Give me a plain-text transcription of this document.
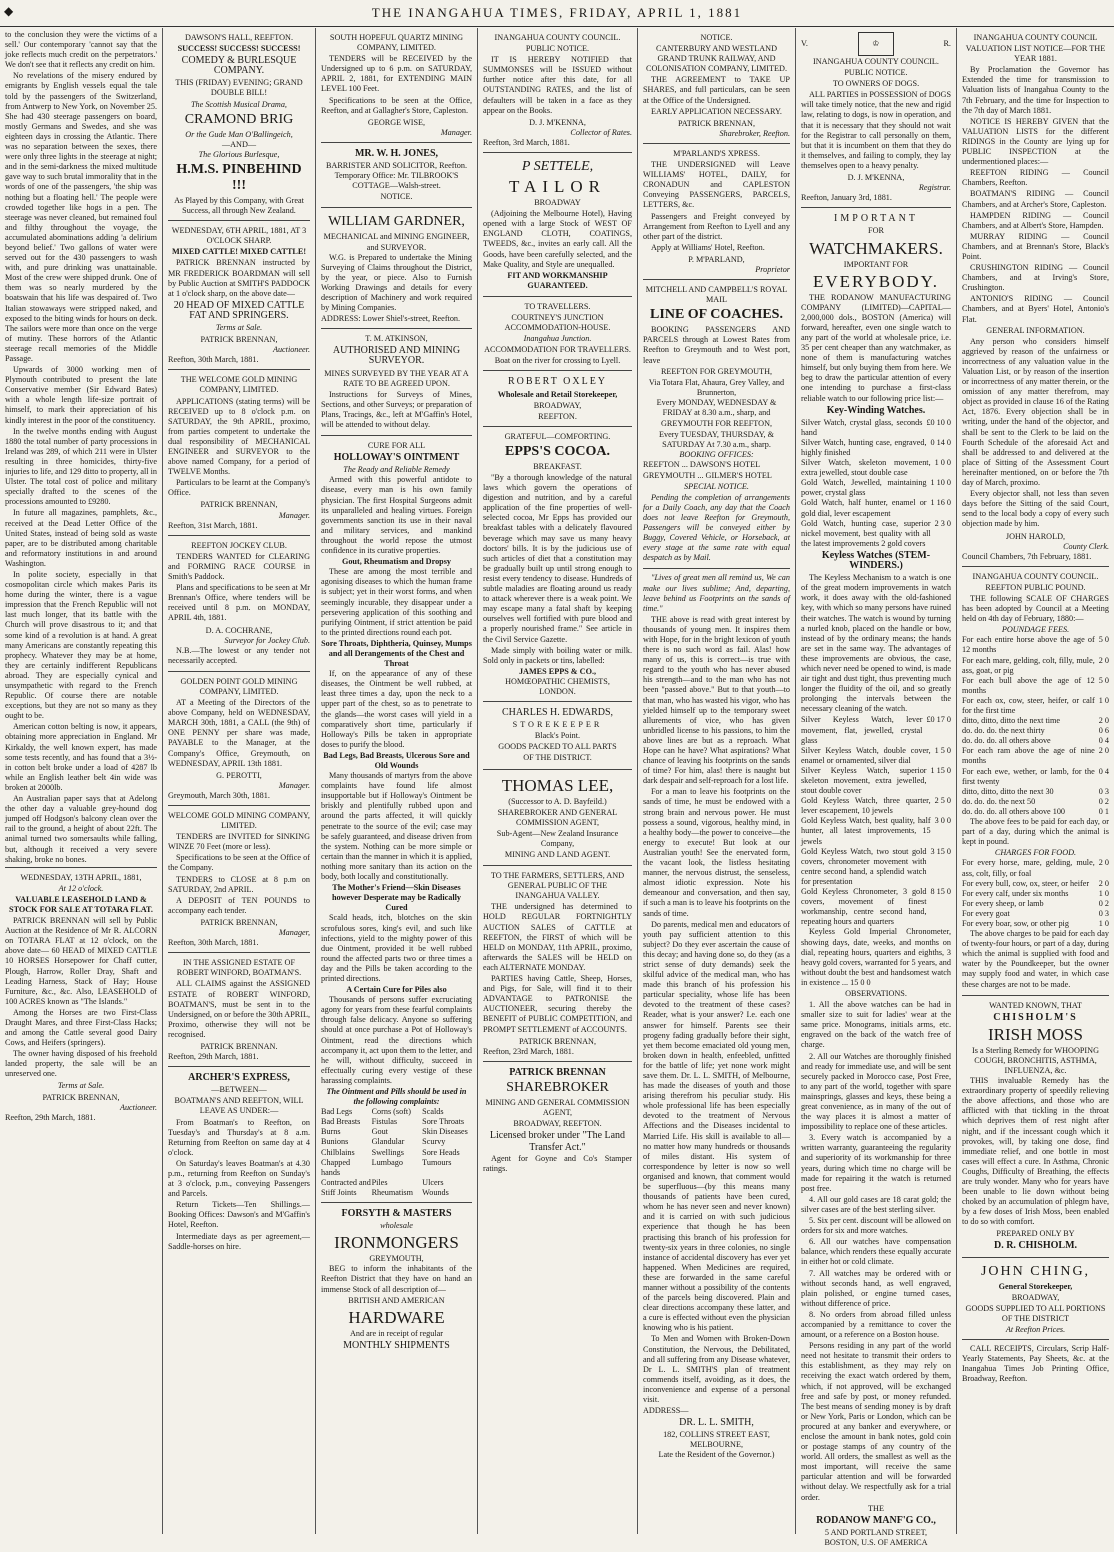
◆	THE INANGAHUA TIMES, FRIDAY, APRIL 1, 1881

to the conclusion they were the victims of a sell.' Our contemporary 'cannot say that the joke reflects much credit on the perpetrators.' We don't see that it reflects any credit on him.

No revelations of the misery endured by emigrants by English vessels equal the tale told by the passengers of the Switzerland, from Antwerp to New York, on November 25. She had 430 steerage passengers on board, mostly Germans and Swedes, and she was eighteen days in crossing the Atlantic. There was no separation between the sexes, there were only three lights in the steerage at night; and in the semi-darkness the mixed multitude gave way to such brutal immorality that in the words of one of the passengers, 'the ship was nothing but a floating hell.' The people were crowded together like hogs in a pen. The steerage was never cleaned, but remained foul and filthy throughout the voyage, the accumulated abominations adding 'a delirium beyond belief.' Two gallons of water were served out for the 430 passengers to wash with, and pure drinking was unattainable. Most of the crew were shipped drunk. One of them was so nearly murdered by the boatswain that his life was despaired of. Two Italian stowaways were stripped naked, and exposed to the biting winds for hours on deck. The sailors were more than once on the verge of mutiny. These horrors of the Atlantic steerage recall memories of the Middle Passage.

Upwards of 3000 working men of Plymouth contributed to present the late Conservative member (Sir Edward Bates) with a whole length life-size portrait of himself, to mark their appreciation of his kindly interest in the poor of the constituency.

In the twelve months ending with August 1880 the total number of party processions in Ireland was 289, of which 211 were in Ulster resulting in three homicides, thirty-five injuries to life, and 129 ditto to property, all in Ulster. The total cost of police and military specially drafted to the scenes of the processions amounted to £9280.

In future all magazines, pamphlets, &c., received at the Dead Letter Office of the United States, instead of being sold as waste paper, are to be distributed among charitable and reformatory institutions in and around Washington.

In polite society, especially in that cosmopolitan circle which makes Paris its home during the winter, there is a vague impression that the French Republic will not last much longer, that its battle with the Church will prove disastrous to it; and that some kind of a revolution is at hand. A great many Americans are constantly repeating this prophecy. Whatever they may be at home, they are certainly indifferent Republicans abroad. They are especially cynical and unsympathetic with regard to the French Republic. Of course there are notable exceptions, but they are not so many as they ought to be.

American cotton belting is now, it appears, obtaining more appreciation in England. Mr Kirkaldy, the well known expert, has made some tests recently, and has found that a 3½-in cotton belt broke under a load of 4287 lb while an English leather belt 4in wide was broken at 2000lb.

An Australian paper says that at Adelong the other day a valuable grey-hound dog jumped off Hodgson's balcony clean over the rail to the ground, a height of about 22ft. The animal turned two somersaults while falling, but, although it received a very severe shaking, broke no bones.

WEDNESDAY, 13TH APRIL, 1881,
At 12 o'clock.
VALUABLE LEASEHOLD LAND & STOCK FOR SALE AT TOTARA FLAT.

PATRICK BRENNAN will sell by Public Auction at the Residence of Mr R. ALCORN on TOTARA FLAT at 12 o'clock, on the above date— 60 HEAD of MIXED CATTLE 10 HORSES Horsepower for Chaff cutter, Plough, Harrow, Roller Dray, Shaft and Leading Harness, Stack of Hay; House Furniture, &c., &c. Also, LEASEHOLD of 100 ACRES known as "The Islands."

Among the Horses are two First-Class Draught Mares, and three First-Class Hacks; and among the Cattle several good Dairy Cows, and Heifers (springers).

The owner having disposed of his freehold landed property, the sale will be an unreserved one.

Terms at Sale.
PATRICK BRENNAN,
Auctioneer.
Reefton, 29th March, 1881.
DAWSON'S HALL, REEFTON.
SUCCESS! SUCCESS! SUCCESS!
COMEDY & BURLESQUE COMPANY.
THIS (FRIDAY) EVENING; GRAND DOUBLE BILL!
The Scottish Musical Drama,
CRAMOND BRIG
Or the Gude Man O'Ballingeich,
—AND—
The Glorious Burlesque,
H.M.S. PINBEHIND !!!
As Played by this Company, with Great Success, all through New Zealand.
WEDNESDAY, 6TH APRIL, 1881, AT 3 O'CLOCK SHARP.
MIXED CATTLE! MIXED CATTLE!

PATRICK BRENNAN instructed by MR FREDERICK BOARDMAN will sell by Public Auction at SMITH'S PADDOCK at 1 o'clock sharp, on the above date—

20 HEAD OF MIXED CATTLE FAT AND SPRINGERS.
Terms at Sale.
PATRICK BRENNAN,
Auctioneer.
Reefton, 30th March, 1881.
THE WELCOME GOLD MINING COMPANY, LIMITED.

APPLICATIONS (stating terms) will be RECEIVED up to 8 o'clock p.m. on SATURDAY, the 9th APRIL, proximo, from parties competent to undertake the dual responsibility of MECHANICAL ENGINEER and SURVEYOR to the above named Company, for a period of TWELVE Months.

Particulars to be learnt at the Company's Office.

PATRICK BRENNAN,
Manager.
Reefton, 31st March, 1881.
REEFTON JOCKEY CLUB.

TENDERS WANTED for CLEARING and FORMING RACE COURSE in Smith's Paddock.

Plans and specifications to be seen at Mr Brennan's Office, where tenders will be received until 8 p.m. on MONDAY, APRIL 4th, 1881.

D. A. COCHRANE,
Surveyor for Jockey Club.

N.B.—The lowest or any tender not necessarily accepted.

GOLDEN POINT GOLD MINING COMPANY, LIMITED.

AT a Meeting of the Directors of the above Company, held on WEDNESDAY, MARCH 30th, 1881, a CALL (the 9th) of ONE PENNY per share was made, PAYABLE to the Manager, at the Company's Office, Greymouth, on WEDNESDAY, APRIL 13th 1881.

G. PEROTTI,
Manager.
Greymouth, March 30th, 1881.
WELCOME GOLD MINING COMPANY, LIMITED.

TENDERS are INVITED for SINKING WINZE 70 Feet (more or less).

Specifications to be seen at the Office of the Company.

TENDERS to CLOSE at 8 p.m on SATURDAY, 2nd APRIL.

A DEPOSIT of TEN POUNDS to accompany each tender.

PATRICK BRENNAN,
Manager,
Reefton, 30th March, 1881.
IN THE ASSIGNED ESTATE OF ROBERT WINFORD, BOATMAN'S.

ALL CLAIMS against the ASSIGNED ESTATE of ROBERT WINFORD, BOATMAN'S, must be sent in to the Undersigned, on or before the 30th APRIL, Proximo, otherwise they will not be recognised.

PATRICK BRENNAN.
Reefton, 29th March, 1881.
ARCHER'S EXPRESS,
—BETWEEN—
BOATMAN'S AND REEFTON, WILL LEAVE AS UNDER:—

From Boatman's to Reefton, on Tuesday's and Thursday's at 8 a.m. Returning from Reefton on same day at 4 o'clock.

On Saturday's leaves Boatman's at 4.30 p.m., returning from Reefton on Sunday's at 3 o'clock, p.m., conveying Passengers and Parcels.

Return Tickets—Ten Shillings.—Booking Offices: Dawson's and M'Gaffin's Hotel, Reefton.

Intermediate days as per agreement,—Saddle-horses on hire.

SOUTH HOPEFUL QUARTZ MINING COMPANY, LIMITED.

TENDERS will be RECEIVED by the Undersigned up to 6 p.m. on SATURDAY, APRIL 2, 1881, for EXTENDING MAIN LEVEL 100 Feet.

Specifications to be seen at the Office, Reefton, and at Gallagher's Store, Capleston.

GEORGE WISE,
Manager.
MR. W. H. JONES,
BARRISTER AND SOLICITOR, Reefton.
Temporary Office: Mr. TILBROOK'S COTTAGE—Walsh-street.
NOTICE.
WILLIAM GARDNER,
MECHANICAL and MINING ENGINEER, and SURVEYOR.

W.G. is Prepared to undertake the Mining Surveying of Claims throughout the District, by the year, or piece. Also to Furnish Working Drawings and details for every description of Machinery and work required by Mining Companies.

ADDRESS: Lower Shiel's-street, Reefton.
T. M. ATKINSON,
AUTHORISED AND MINING SURVEYOR.
MINES SURVEYED BY THE YEAR AT A RATE TO BE AGREED UPON.

Instructions for Surveys of Mines, Sections, and other Surveys; or preparation of Plans, Tracings, &c., left at M'Gaffin's Hotel, will be attended to without delay.

CURE FOR ALL
HOLLOWAY'S OINTMENT
The Ready and Reliable Remedy

Armed with this powerful antidote to disease, every man is his own family physician. The first Hospital Surgeons admit its unparalleled and healing virtues. Foreign governments sanction its use in their naval and military services, and mankind throughout the world repose the utmost confidence in its curative properties.

Gout, Rheumatism and Dropsy

These are among the most terrible and agonising diseases to which the human frame is subject; yet in their worst forms, and when seemingly incurable, they disappear under a persevering application of this soothing and purifying Ointment, if strict attention be paid to the printed directions round each pot.

Sore Throats, Diphtheria, Quinsey, Mumps and all Derangements of the Chest and Throat

If, on the appearance of any of these diseases, the Ointment be well rubbed, at least three times a day, upon the neck to a upper part of the chest, so as to penetrate to the glands—the worst cases will yield in a comparatively short time, particularly if Holloway's Pills be taken in appropriate doses to purify the blood.

Bad Legs, Bad Breasts, Ulcerous Sore and Old Wounds

Many thousands of martyrs from the above complaints have found life almost insupportable but if Holloway's Ointment be briskly and plentifully rubbed upon and around the parts affected, it will quickly penetrate to the source of the evil; case may be safely guaranteed, and disease driven from the system. Nothing can be more simple or certain than the manner in which it is applied, nothing more sanitary than its action on the body, both locally and constitutionally.

The Mother's Friend—Skin Diseases however Desperate may be Radically Cured

Scald heads, itch, blotches on the skin scrofulous sores, king's evil, and such like infections, yield to the mighty power of this due Ointment, provided it be well rubbed round the affected parts two or three times a day and the Pills be taken according to the printed directions.

A Certain Cure for Piles also

Thousands of persons suffer excruciating agony for years from these fearful complaints through false delicacy. Anyone so suffering should at once purchase a Pot of Holloway's Ointment, read the directions which accompany it, act upon them to the letter, and he will, without difficulty, succeed in effectually curing every vestige of these harassing complaints.

The Ointment and Pills should be used in the following complaints:
Bad Legs	Corns (soft)	Scalds
Bad Breasts	Fistulas	Sore Throats
Burns	Gout	Skin Diseases
Bunions	Glandular	Scurvy
Chilblains	Swellings	Sore Heads
Chapped hands
Lumbago	Tumours
Contracted and Piles	Ulcers
Stiff Joints	Rheumatism	Wounds
FORSYTH & MASTERS
wholesale
IRONMONGERS
GREYMOUTH,

BEG to inform the inhabitants of the Reefton District that they have on hand an immense Stock of all description of—

BRITISH AND AMERICAN
HARDWARE
And are in receipt of regular
MONTHLY SHIPMENTS
INANGAHUA COUNTY COUNCIL.
PUBLIC NOTICE.

IT IS HEREBY NOTIFIED that SUMMONSES will be ISSUED without further notice after this date, for all OUTSTANDING RATES, and the list of defaulters will be taken in a face as they appear on the Books.

D. J. M'KENNA,
Collector of Rates.
Reefton, 3rd March, 1881.
P SETTELE,
TAILOR
BROADWAY

(Adjoining the Melbourne Hotel), Having opened with a large Stock of WEST OF ENGLAND CLOTH, COATINGS, TWEEDS, &c., invites an early call. All the Goods, have been carefully selected, and the Make Quality, and Style are unequalled.

FIT AND WORKMANSHIP GUARANTEED.
TO TRAVELLERS.
COURTNEY'S JUNCTION ACCOMMODATION-HOUSE.
Inangahua Junction.
ACCOMMODATION FOR TRAVELLERS.
Boat on the river for crossing to Lyell.
ROBERT OXLEY
Wholesale and Retail Storekeeper,
BROADWAY,
REEFTON.
GRATEFUL—COMFORTING.
EPPS'S COCOA.
BREAKFAST.

"By a thorough knowledge of the natural laws which govern the operations of digestion and nutrition, and by a careful application of the fine properties of well-selected cocoa, Mr Epps has provided our breakfast tables with a delicately flavoured beverage which may save us many heavy doctors' bills. It is by the judicious use of such articles of diet that a constitution may be gradually built up until strong enough to resist every tendency to disease. Hundreds of subtle maladies are floating around us ready to attack wherever there is a weak point. We may escape many a fatal shaft by keeping ourselves well fortified with pure blood and a properly nourished frame." See article in the Civil Service Gazette.

Made simply with boiling water or milk. Sold only in packets or tins, labelled:

JAMES EPPS & CO.,
HOMŒOPATHIC CHEMISTS,
LONDON.
CHARLES H. EDWARDS,
STOREKEEPER
Black's Point.
GOODS PACKED TO ALL PARTS
OF THE DISTRICT.
THOMAS LEE,
(Successor to A. D. Bayfeild.)
SHAREBROKER AND GENERAL COMMISSION AGENT,
Sub-Agent—New Zealand Insurance Company,
MINING AND LAND AGENT.
TO THE FARMERS, SETTLERS, AND GENERAL PUBLIC OF THE INANGAHUA VALLEY.

THE undersigned has determined to HOLD REGULAR FORTNIGHTLY AUCTION SALES of CATTLE at REEFTON, the FIRST of which will be HELD on MONDAY, 11th APRIL, proximo, afterwards the SALES will be HELD on each ALTERNATE MONDAY.

PARTIES having Cattle, Sheep, Horses, and Pigs, for Sale, will find it to their ADVANTAGE to PATRONISE the AUCTIONEER, securing thereby the BENEFIT of PUBLIC COMPETITION, and PROMPT SETTLEMENT of ACCOUNTS.

PATRICK BRENNAN,
Reefton, 23rd March, 1881.
PATRICK BRENNAN
SHAREBROKER
MINING AND GENERAL COMMISSION AGENT,
BROADWAY, REEFTON.
Licensed broker under "The Land Transfer Act."

Agent for Goyne and Co's Stamper ratings.

NOTICE.
CANTERBURY AND WESTLAND GRAND TRUNK RAILWAY, AND COLONISATION COMPANY, LIMITED.

THE AGREEMENT to TAKE UP SHARES, and full particulars, can be seen at the Office of the Undersigned.

EARLY APPLICATION NECESSARY.
PATRICK BRENNAN,
Sharebroker, Reefton.
M'PARLAND'S XPRESS.

THE UNDERSIGNED will Leave WILLIAMS' HOTEL, DAILY, for CRONADUN and CAPLESTON Conveying PASSENGERS, PARCELS, LETTERS, &c.

Passengers and Freight conveyed by Arrangement from Reefton to Lyell and any other part of the district.

Apply at Williams' Hotel, Reefton.

P. M'PARLAND,
Proprietor
MITCHELL AND CAMPBELL'S ROYAL MAIL
LINE OF COACHES.

BOOKING PASSENGERS AND PARCELS through at Lowest Rates from Reefton to Greymouth and to West port, leave

REEFTON FOR GREYMOUTH,
Via Totara Flat, Ahaura, Grey Valley, and Brunnerton,
Every MONDAY, WEDNESDAY & FRIDAY at 8.30 a.m., sharp, and
GREYMOUTH FOR REEFTON,
Every TUESDAY, THURSDAY, & SATURDAY At 7.30 a.m., sharp.
BOOKING OFFICES:
REEFTON ... DAWSON'S HOTEL
GREYMOUTH ... GILMER'S HOTEL
SPECIAL NOTICE.

Pending the completion of arrangements for a Daily Coach, any day that the Coach does not leave Reefton for Greymouth, Passengers will be conveyed either by Buggy, Covered Vehicle, or Horseback, at every stage at the same rate with equal despatch as by Mail.

"Lives of great men all remind us, We can make our lives sublime; And, departing, leave behind us Footprints on the sands of time."

THE above is read with great interest by thousands of young men. It inspires them with Hope, for in the bright lexicon of youth there is no such word as fail. Alas! how many of us, this is correct—is true with regard to the youth who has never abused his strength—and to the man who has not been "passed above." But to that youth—to that man, who has wasted his vigor, who has yielded himself up to the temporary sweet allurements of vice, who has given unbridled license to his passions, to him the above lines are but as a reproach. What Hope can he have? What aspirations? What chance of leaving his footprints on the sands of time? For him, alas! there is naught but dark despair and self-reproach for a lost life.

For a man to leave his footprints on the sands of time, he must be endowed with a strong brain and nervous power. He must possess a sound, vigorous, healthy mind, in a healthy body—the power to conceive—the energy to execute! But look at our Australian youth! See the enervated form, the vacant look, the listless hesitating manner, the nervous distrust, the senseless, almost idiotic expression. Note his demeanour and conversation, and then say, if such a man is to leave his footprints on the sands of time.

Do parents, medical men and educators of youth pay sufficient attention to this subject? Do they ever ascertain the cause of this decay; and having done so, do they (as a strict sense of duty demands) seek the skilful advice of the medical man, who has made this branch of his profession his particular speciality, whose life has been devoted to the treatment of these cases? Reader, what is your answer? I.e. each one answer for himself. Parents see their progeny fading gradually before their sight, yet them become emaciated old young men, broken down in health, enfeebled, unfitted for the battle of life; yet none work might save them. Dr. L. L. SMITH, of Melbourne, has made the diseases of youth and those arising therefrom his peculiar study. His whole professional life has been especially devoted to the treatment of Nervous Affections and the Diseases incidental to Married Life. His skill is available to all—no matter how many hundreds or thousands of miles distant. His system of correspondence by letter is now so well organised and known, that comment would be superfluous—(by this means many thousands of patients have been cured, whom he has never seen and never known) and it is carried on with such judicious experience that though he has been practising this branch of his profession for twenty-six years in three colonies, no single instance of accidental discovery has ever yet happened. When Medicines are required, these are forwarded in the same careful manner without a possibility of the contents of the parcels being discovered. Plain and clear directions accompany these latter, and a cure is effected without even the physician knowing who is his patient.

To Men and Women with Broken-Down Constitution, the Nervous, the Debilitated, and all suffering from any Disease whatever, Dr L. L. SMITH'S plan of treatment commends itself, avoiding, as it does, the inconvenience and expense of a personal visit.

ADDRESS—
DR. L. L. SMITH,
182, COLLINS STREET EAST, MELBOURNE,
Late the Resident of the Governor.)
V.	♔	R.
INANGAHUA COUNTY COUNCIL.
PUBLIC NOTICE.
TO OWNERS OF DOGS.

ALL PARTIES in POSSESSION of DOGS will take timely notice, that the new and rigid law, relating to dogs, is now in operation, and that it is necessary that they should not wait for the Registrar to call personally on them, but that it is incumbent on them that they do it themselves, and failing to comply, they lay themselves open to a heavy penalty.

D. J. M'KENNA,
Registrar.
Reefton, January 3rd, 1881.
IMPORTANT
FOR
WATCHMAKERS.
IMPORTANT FOR
EVERYBODY.

THE RODANOW MANUFACTURING COMPANY (LIMITED)—CAPITAL—2,000,000 dols., BOSTON (America) will forward, hereafter, even one single watch to any part of the world at wholesale price, i.e. 35 per cent cheaper than any watchmaker, as none of them is manufacturing watches himself, but only buying them from here. We beg to draw the particular attention of every one intending to purchase a first-class reliable watch to our following price list:—

Key-Winding Watches.
Silver Watch, crystal glass, seconds hand
£0 10 0
Silver Watch, hunting case, engraved, highly finished
0 14 0
Silver Watch, skeleton movement, extra jewelled, stout double case
1 0 0
Gold Watch, Jewelled, maintaining power, crystal glass
1 10 0
Gold Watch, half hunter, enamel or gold dial, lever escapement
1 16 0
Gold Watch, hunting case, superior nickel movement, best quality with all the latest improvements 2 gold covers
2 3 0
Keyless Watches (STEM-WINDERS.)

The Keyless Mechanism to a watch is one of the great modern improvements in watch work, it does away with the old-fashioned key, with which so many persons have ruined their watches. The watch is wound by turning a nurled knob, placed on the handle or bow, instead of by the ordinary means; the hands are set in the same way. The advantages of these improvements are obvious, the case, which never need be opened to wind, is made air tight and dust tight, thus preventing much longer the fluidity of the oil, and so greatly prolonging the intervals between the necessary cleaning of the watch.

Silver Keyless Watch, lever movement, flat, jewelled, crystal glass
£0 17 0
Silver Keyless Watch, double cover, enamel or ornamented, silver dial
1 5 0
Silver Keyless Watch, superior skeleton movement, extra jewelled, stout double cover
1 15 0
Gold Keyless Watch, three quarter, lever escapement, 10 jewels
2 5 0
Gold Keyless Watch, best quality, half hunter, all latest improvements, 15 jewels
3 0 0
Gold Keyless Watch, two stout gold covers, chronometer movement with centre second hand, a splendid watch for presentation
3 15 0
Gold Keyless Chronometer, 3 gold covers, movement of finest workmanship, centre second hand, repeating hours and quarters
8 15 0

Keyless Gold Imperial Chronometer, showing days, date, weeks, and months on dial, repeating hours, quarters and eighths, 3 heavy gold covers, warranted for 5 years, and without doubt the best and handsomest watch in existence ... 15 0 0

OBSERVATIONS.

1. All the above watches can be had in smaller size to suit for ladies' wear at the same price. Monograms, initials arms, etc. engraved on the back of the watch free of charge.

2. All our Watches are thoroughly finished and ready for immediate use, and will be sent securely packed in Morocco case, Post Free, to any part of the world, together with spare mainsprings, glasses and keys, these being a great convenience, as in many of the out of the way places it is almost a matter of impossibility to replace one of these articles.

3. Every watch is accompanied by a written warranty, guaranteeing the regularity and superiority of its workmanship for three years, during which time no charge will be made for repairing it the watch is returned post free.

4. All our gold cases are 18 carat gold; the silver cases are of the best sterling silver.

5. Six per cent. discount will be allowed on orders for six and more watches.

6. All our watches have compensation balance, which renders these equally accurate in either hot or cold climate.

7. All watches may be ordered with or without seconds hand, as well engraved, plain polished, or engine turned cases, without difference of price.

8. No orders from abroad filled unless accompanied by a remittance to cover the amount, or a reference on a Boston house.

Persons residing in any part of the world need not hesitate to transmit their orders to this establishment, as they may rely on receiving the exact watch ordered by them, which, if not approved, will be exchanged free and safe by post, or money refunded. The best means of sending money is by draft or New York, Paris or London, which can be procured at any banker and everywhere, or enclose the amount in bank notes, gold coin or postage stamps of any country of the world. All orders, the smallest as well as the most important, will receive the same particular attention and will be forwarded without delay. We respectfully ask for a trial order.

THE
RODANOW MANF'G CO.,
5 AND PORTLAND STREET,
BOSTON, U.S. OF AMERICA
INANGAHUA COUNTY COUNCIL
VALUATION LIST NOTICE—FOR THE YEAR 1881.

By Proclamation the Governor has Extended the time for transmission to Valuation lists of Inangahua County to the 7th February, and the time for Inspection to the 7th day of March 1881.

NOTICE IS HEREBY GIVEN that the VALUATION LISTS for the different RIDINGS in the County are lying up for PUBLIC INSPECTION at the undermentioned places:—

REEFTON RIDING — Council Chambers, Reefton.

BOATMAN'S RIDING — Council Chambers, and at Archer's Store, Capleston.

HAMPDEN RIDING — Council Chambers, and at Albert's Store, Hampden.

MURRAY RIDING — Council Chambers, and at Brennan's Store, Black's Point.

CRUSHINGTON RIDING — Council Chambers, and at Irving's Store, Crushington.

ANTONIO'S RIDING — Council Chambers, and at Byers' Hotel, Antonio's Flat.

GENERAL INFORMATION.

Any person who considers himself aggrieved by reason of the unfairness or incorrectness of any valuation value in the Valuation List, or by reason of the insertion or incorrectness of any matter therein, or the omission of any matter therefrom, may object as provided in clause 16 of the Rating Act, 1876. Every objection shall be in writing, under the hand of the objector, and shall be sent to the Clerk to be laid on the Fourth Schedule of the aforesaid Act and shall be addressed to and delivered at the place of Sitting of the Assessment Court hereinafter mentioned, on or before the 7th day of March, proximo.

Every objector shall, not less than seven days before the Sitting of the said Court, send to the local body a copy of every such objection made by him.

JOHN HAROLD,
County Clerk.
Council Chambers, 7th February, 1881.
INANGAHUA COUNTY COUNCIL.
REEFTON PUBLIC POUND.

THE following SCALE OF CHARGES has been adopted by Council at a Meeting held on 4th day of February, 1880:—

POUNDAGE FEES.
For each entire horse above the age of 12 months
5 0
For each mare, gelding, colt, filly, mule, ass, goat, or pig
2 0
For each bull above the age of 12 months
5 0
For each ox, cow, steer, heifer, or calf for the first time
1 0
ditto, ditto, ditto the next time	2 0
do. do. do. the next thirty	0 6
do. do. do. all others above	0 4
For each ram above the age of nine months
2 0
For each ewe, wether, or lamb, for the first twenty
0 4
ditto, ditto, ditto the next 30	0 3
do. do. do. the next 50	0 2
do. do. do. all others above 100	0 1

The above fees to be paid for each day, or part of a day, during which the animal is kept in pound.

CHARGES FOR FOOD.
For every horse, mare, gelding, mule, ass, colt, filly, or foal
2 0
For every bull, cow, ox, steer, or heifer	2 0
For every calf, under six months	1 0
For every sheep, or lamb	0 2
For every goat	0 3
For every boar, sow, or other pig	1 0

The above charges to be paid for each day of twenty-four hours, or part of a day, during which the animal is supplied with food and water by the Poundkeeper, but the owner may supply food and water, in which case these charges are not to be made.

WANTED KNOWN, THAT
CHISHOLM'S
IRISH MOSS
Is a Sterling Remedy for WHOOPING COUGH, BRONCHITIS, ASTHMA, INFLUENZA, &c.

THIS invaluable Remedy has the extraordinary property of speedily relieving the above affections, and those who are afflicted with that tickling in the throat which deprives them of rest night after night, and if the incessant cough which it provokes, will, by taking one dose, find immediate relief, and one bottle in most cases will effect a cure. In Asthma, Chronic Coughs, Difficulty of Breathing, the effects are truly wonder. Many who for years have been unable to lie down without being choked by an accumulation of phlegm have, by a few doses of Irish Moss, been enabled to do so with comfort.

PREPARED ONLY BY
D. R. CHISHOLM.
JOHN CHING,
General Storekeeper,
BROADWAY,
GOODS SUPPLIED TO ALL PORTIONS OF THE DISTRICT
At Reefton Prices.

CALL RECEIPTS, Circulars, Scrip Half-Yearly Statements, Pay Sheets, &c. at the Inangahua Times Job Printing Office, Broadway, Reefton.
